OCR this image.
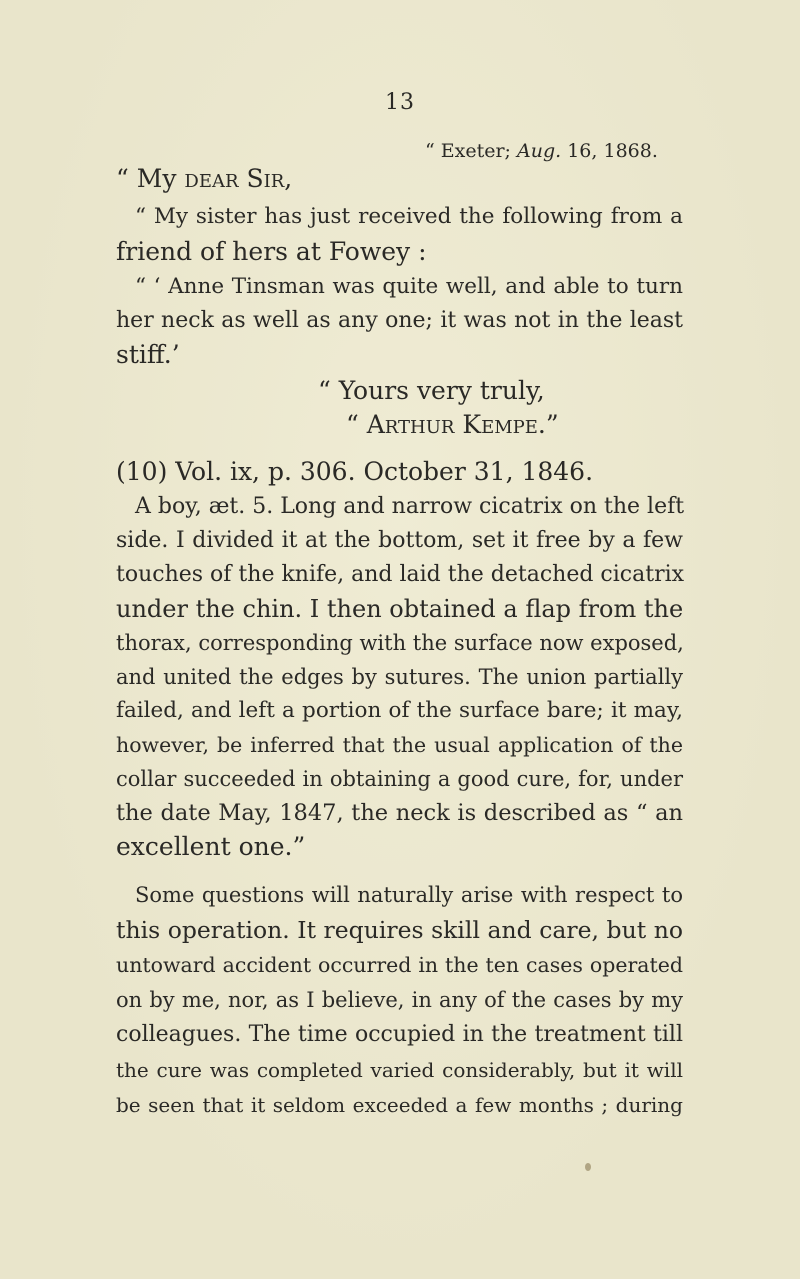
13
“ Exeter; Aug. 16, 1868.
“ My dear Sir,
“ My sister has just received the following from a
friend of hers at Fowey :
“ ‘ Anne Tinsman was quite well, and able to turn
her neck as well as any one; it was not in the least
stiff.’
“ Yours very truly,
“ Arthur Kempe.”
(10) Vol. ix, p. 306. October 31, 1846.
A boy, æt. 5. Long and narrow cicatrix on the left
side. I divided it at the bottom, set it free by a few
touches of the knife, and laid the detached cicatrix
under the chin. I then obtained a flap from the
thorax, corresponding with the surface now exposed,
and united the edges by sutures. The union partially
failed, and left a portion of the surface bare; it may,
however, be inferred that the usual application of the
collar succeeded in obtaining a good cure, for, under
the date May, 1847, the neck is described as “ an
excellent one.”
Some questions will naturally arise with respect to
this operation. It requires skill and care, but no
untoward accident occurred in the ten cases operated
on by me, nor, as I believe, in any of the cases by my
colleagues. The time occupied in the treatment till
the cure was completed varied considerably, but it will
be seen that it seldom exceeded a few months ; during
